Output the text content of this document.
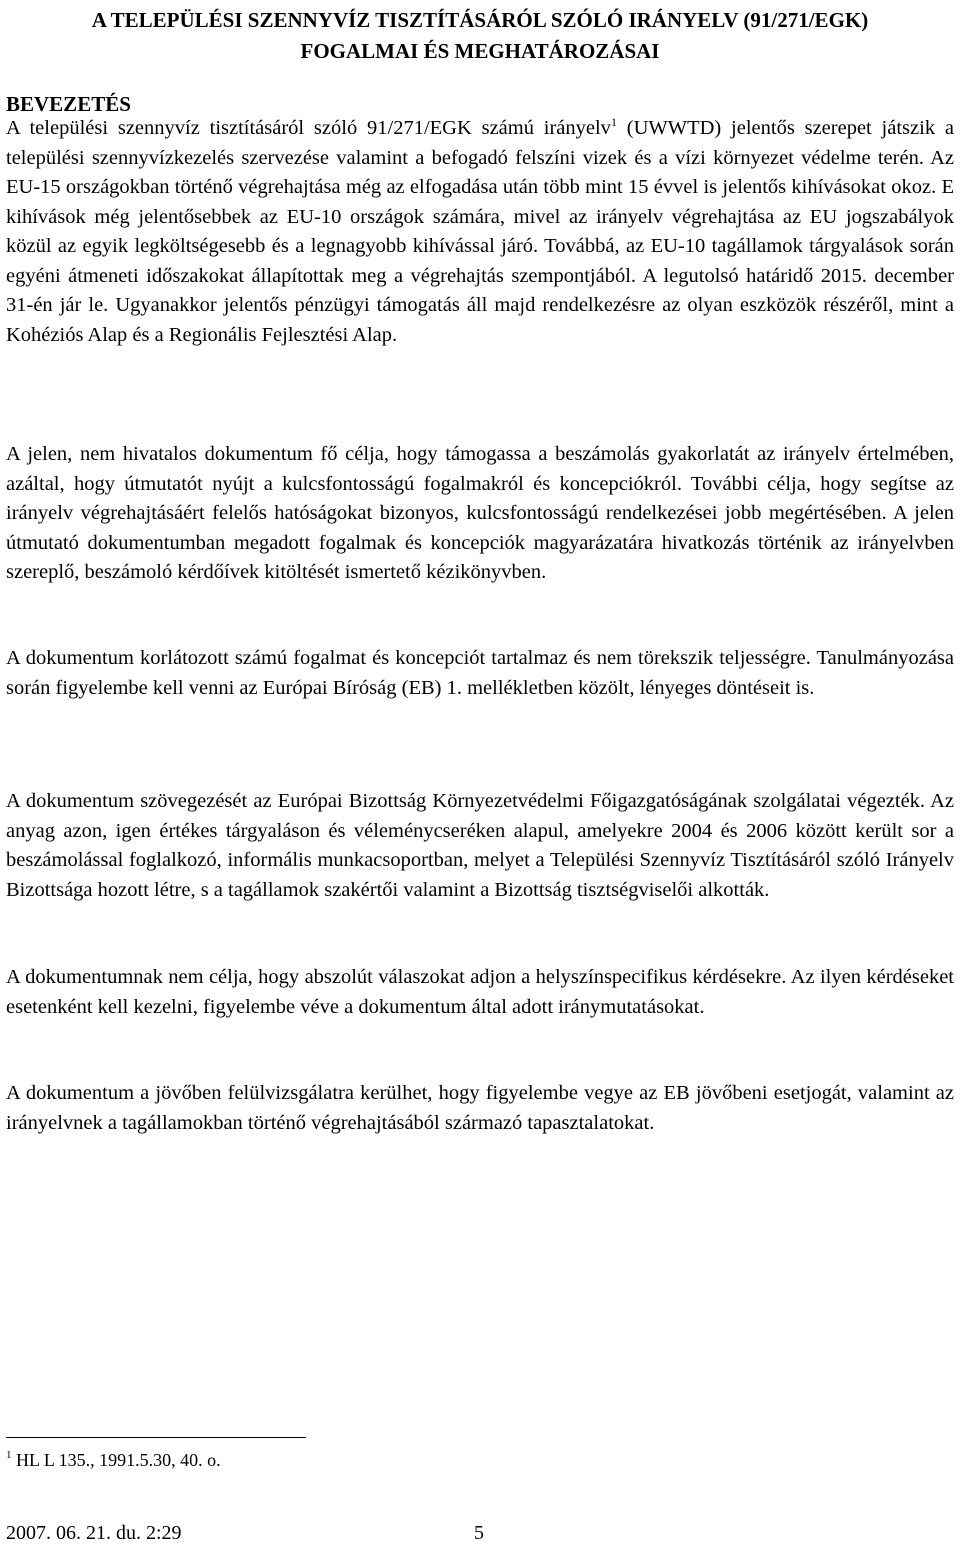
A TELEPÜLÉSI SZENNYVÍZ TISZTÍTÁSÁRÓL SZÓLÓ IRÁNYELV (91/271/EGK)
FOGALMAI ÉS MEGHATÁROZÁSAI
BEVEZETÉS
A települési szennyvíz tisztításáról szóló 91/271/EGK számú irányelv$^1$ (UWWTD) jelentős szerepet játszik a települési szennyvízkezelés szervezése valamint a befogadó felszíni vizek és a vízi környezet védelme terén. Az EU-15 országokban történő végrehajtása még az elfogadása után több mint 15 évvel is jelentős kihívásokat okoz. E kihívások még jelentősebbek az EU-10 országok számára, mivel az irányelv végrehajtása az EU jogszabályok közül az egyik legköltségesebb és a legnagyobb kihívással járó. Továbbá, az EU-10 tagállamok tárgyalások során egyéni átmeneti időszakokat állapítottak meg a végrehajtás szempontjából. A legutolsó határidő 2015. december 31-én jár le. Ugyanakkor jelentős pénzügyi támogatás áll majd rendelkezésre az olyan eszközök részéről, mint a Kohéziós Alap és a Regionális Fejlesztési Alap.
A jelen, nem hivatalos dokumentum fő célja, hogy támogassa a beszámolás gyakorlatát az irányelv értelmében, azáltal, hogy útmutatót nyújt a kulcsfontosságú fogalmakról és koncepciókról. További célja, hogy segítse az irányelv végrehajtásáért felelős hatóságokat bizonyos, kulcsfontosságú rendelkezései jobb megértésében. A jelen útmutató dokumentumban megadott fogalmak és koncepciók magyarázatára hivatkozás történik az irányelvben szereplő, beszámoló kérdőívek kitöltését ismertető kézikönyvben.
A dokumentum korlátozott számú fogalmat és koncepciót tartalmaz és nem törekszik teljességre. Tanulmányozása során figyelembe kell venni az Európai Bíróság (EB) 1. mellékletben közölt, lényeges döntéseit is.
A dokumentum szövegezését az Európai Bizottság Környezetvédelmi Főigazgatóságának szolgálatai végezték. Az anyag azon, igen értékes tárgyaláson és véleménycseréken alapul, amelyekre 2004 és 2006 között került sor a beszámolással foglalkozó, informális munkacsoportban, melyet a Települési Szennyvíz Tisztításáról szóló Irányelv Bizottsága hozott létre, s a tagállamok szakértői valamint a Bizottság tisztségviselői alkották.
A dokumentumnak nem célja, hogy abszolút válaszokat adjon a helyszínspecifikus kérdésekre. Az ilyen kérdéseket esetenként kell kezelni, figyelembe véve a dokumentum által adott iránymutatásokat.
A dokumentum a jövőben felülvizsgálatra kerülhet, hogy figyelembe vegye az EB jövőbeni esetjogát, valamint az irányelvnek a tagállamokban történő végrehajtásából származó tapasztalatokat.
$^1$ HL L 135., 1991.5.30, 40. o.
2007. 06. 21. du. 2:29	5
